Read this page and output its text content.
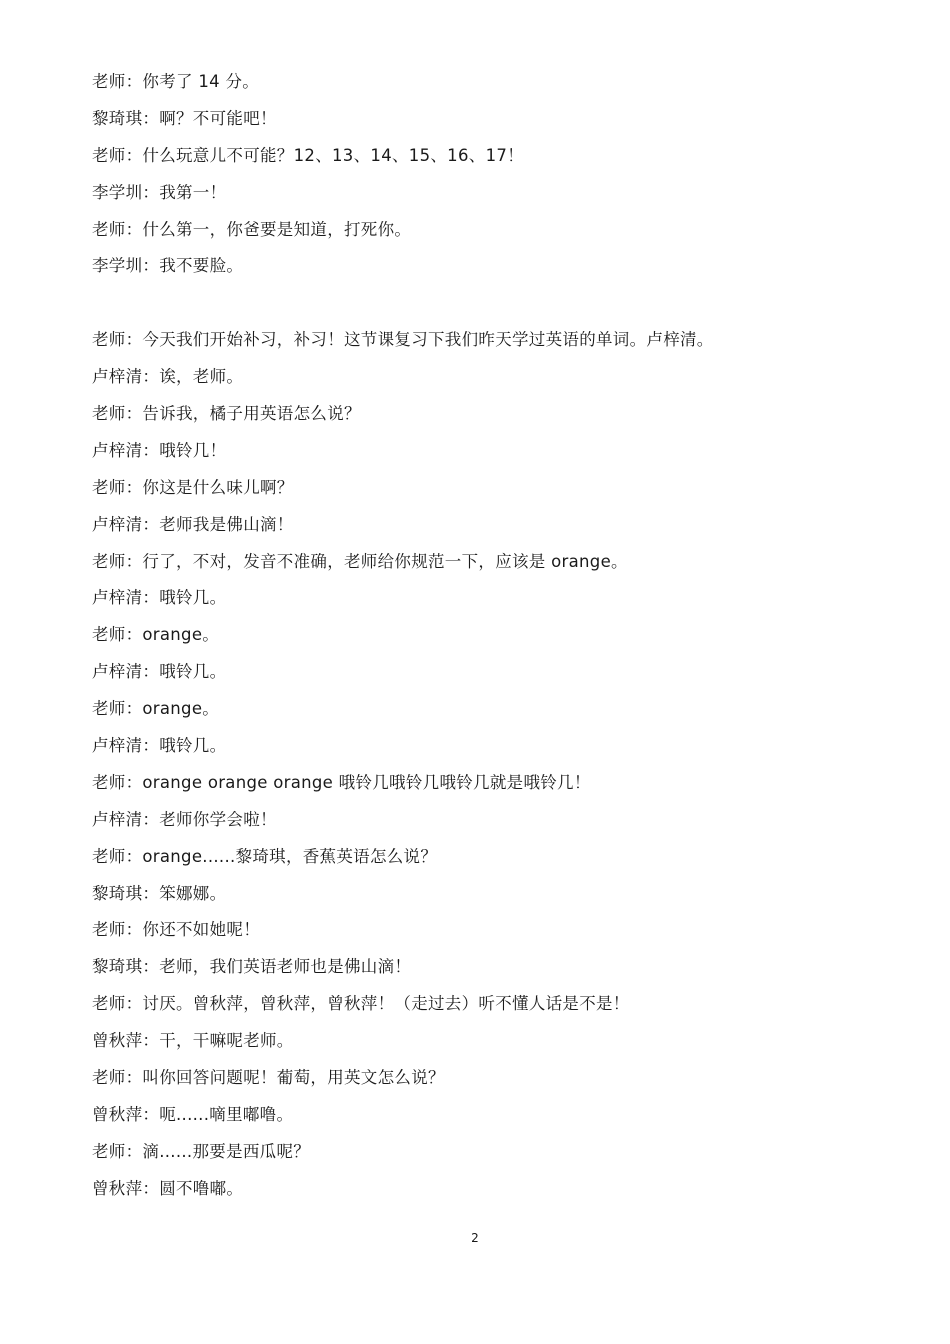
老师：你考了 14 分。
黎琦琪：啊？不可能吧！
老师：什么玩意儿不可能？12、13、14、15、16、17！
李学圳：我第一！
老师：什么第一，你爸要是知道，打死你。
李学圳：我不要脸。
老师：今天我们开始补习，补习！这节课复习下我们昨天学过英语的单词。卢梓清。
卢梓清：诶，老师。
老师：告诉我，橘子用英语怎么说？
卢梓清：哦铃几！
老师：你这是什么味儿啊？
卢梓清：老师我是佛山滴！
老师：行了，不对，发音不准确，老师给你规范一下，应该是 orange。
卢梓清：哦铃几。
老师：orange。
卢梓清：哦铃几。
老师：orange。
卢梓清：哦铃几。
老师：orange orange orange 哦铃几哦铃几哦铃几就是哦铃几！
卢梓清：老师你学会啦！
老师：orange......黎琦琪，香蕉英语怎么说？
黎琦琪：笨娜娜。
老师：你还不如她呢！
黎琦琪：老师，我们英语老师也是佛山滴！
老师：讨厌。曾秋萍，曾秋萍，曾秋萍！（走过去）听不懂人话是不是！
曾秋萍：干，干嘛呢老师。
老师：叫你回答问题呢！葡萄，用英文怎么说？
曾秋萍：呃......嘀里嘟噜。
老师：滴......那要是西瓜呢？
曾秋萍：圆不噜嘟。
2
